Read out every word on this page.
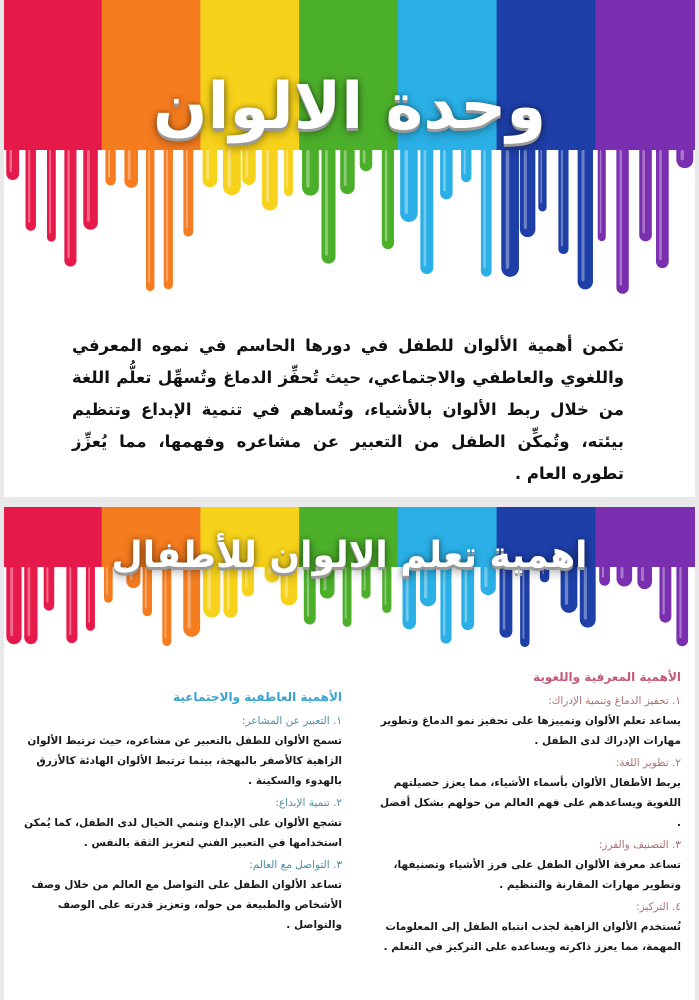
وحدة الالوان
تكمن أهمية الألوان للطفل في دورها الحاسم في نموه المعرفي واللغوي والعاطفي والاجتماعي، حيث تُحفِّز الدماغ وتُسهِّل تعلُّم اللغة من خلال ربط الألوان بالأشياء، وتُساهم في تنمية الإبداع وتنظيم بيئته، وتُمكِّن الطفل من التعبير عن مشاعره وفهمها، مما يُعزِّز تطوره العام .
اهمية تعلم الالوان للأطفال
الأهمية المعرفية واللغوية
١. تحفيز الدماغ وتنمية الإدراك:
يساعد تعلم الألوان وتمييزها على تحفيز نمو الدماغ وتطوير مهارات الإدراك لدى الطفل .
٢. تطوير اللغة:
يربط الأطفال الألوان بأسماء الأشياء، مما يعزز حصيلتهم اللغوية ويساعدهم على فهم العالم من حولهم بشكل أفضل .
٣. التصنيف والفرز:
تساعد معرفة الألوان الطفل على فرز الأشياء وتصنيفها، وتطوير مهارات المقارنة والتنظيم .
٤. التركيز:
تُستخدم الألوان الزاهية لجذب انتباه الطفل إلى المعلومات المهمة، مما يعزز ذاكرته ويساعده على التركيز في التعلم .
الأهمية العاطفية والاجتماعية
١. التعبير عن المشاعر:
تسمح الألوان للطفل بالتعبير عن مشاعره، حيث ترتبط الألوان الزاهية كالأصفر بالبهجة، بينما ترتبط الألوان الهادئة كالأزرق بالهدوء والسكينة .
٢. تنمية الإبداع:
تشجع الألوان على الإبداع وتنمي الخيال لدى الطفل، كما يُمكن استخدامها في التعبير الفني لتعزيز الثقة بالنفس .
٣. التواصل مع العالم:
تساعد الألوان الطفل على التواصل مع العالم من خلال وصف الأشخاص والطبيعة من حوله، وتعزيز قدرته على الوصف والتواصل .
